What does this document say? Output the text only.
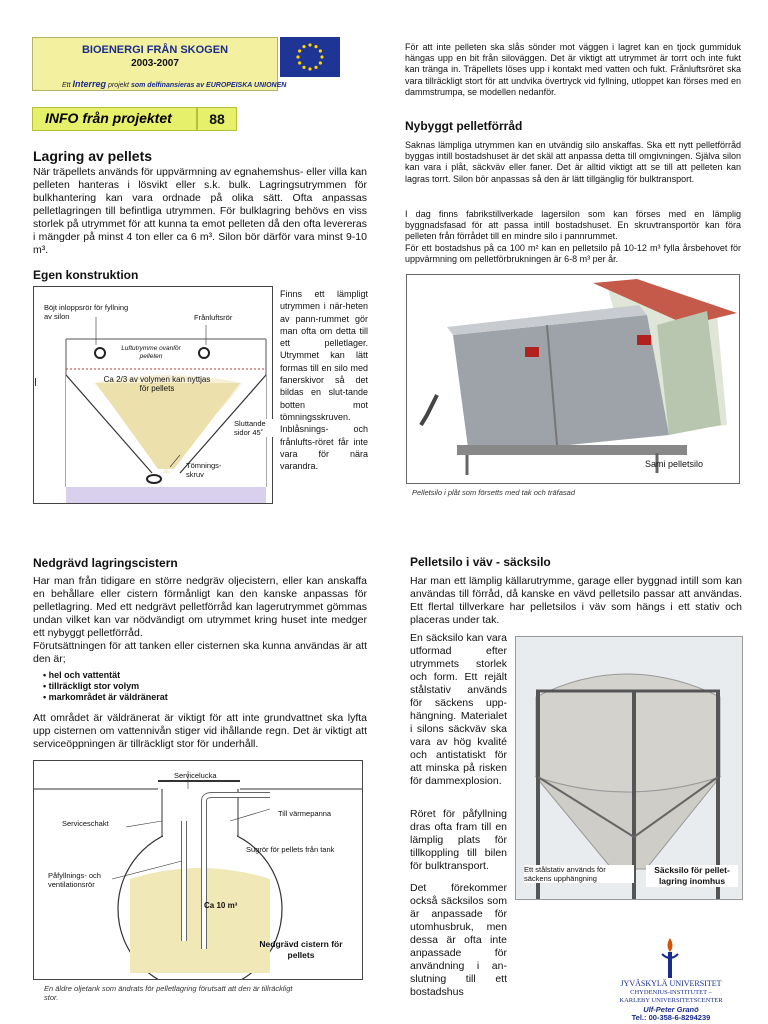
BIOENERGI FRÅN SKOGEN
2003-2007
Ett Interreg projekt som delfinansieras av EUROPEISKA UNIONEN
INFO från projektet	88
Lagring av pellets
När träpellets används för uppvärmning av egnahemshus- eller villa kan pelleten hanteras i lösvikt eller s.k. bulk. Lagringsutrymmen för bulkhantering kan vara ordnade på olika sätt. Ofta anpassas pelletlagringen till befintliga utrymmen. För bulklagring behövs en viss storlek på utrymmet för att kunna ta emot pelleten då den ofta levereras i mängder på minst 4 ton eller ca 6 m³. Silon bör därför vara minst 9-10 m³.
Egen konstruktion
Böjt inloppsrör för fyllning av silon	Frånluftsrör
Luftutrymme ovanför pelleten
Ca 2/3 av volymen kan nyttjas för pellets
Sluttande sidor 45˚
Tömnings-skruv
Finns ett lämpligt utrymmen i när-heten av pann-rummet gör man ofta om detta till ett pelletlager. Utrymmet kan lätt formas till en silo med fanerskivor så det bildas en slut-tande botten mot tömningsskruven. Inblåsnings- och frånlufts-röret får inte vara för nära varandra.
Nedgrävd lagringscistern
Har man från tidigare en större nedgräv oljecistern, eller kan anskaffa en behållare eller cistern förmånligt kan den kanske anpassas för pelletlagring. Med ett nedgrävt pelletförråd kan lagerutrymmet gömmas undan vilket kan var nödvändigt om utrymmet kring huset inte medger ett nybyggt pelletförråd.
Förutsättningen för att tanken eller cisternen ska kunna användas är att den är;
• hel och vattentät
• tillräckligt stor volym
• markområdet är väldränerat
Att området är väldränerat är viktigt för att inte grundvattnet ska lyfta upp cisternen om vattennivån stiger vid ihållande regn. Det är viktigt att serviceöppningen är tillräckligt stor för underhåll.
Servicelucka
Till värmepanna
Serviceschakt
Sugrör för pellets från tank
Påfyllnings- och ventilationsrör
Ca 10 m³
Nedgrävd cistern för pellets
En äldre oljetank som ändrats för pelletlagring förutsatt att den är tillräckligt stor.
För att inte pelleten ska slås sönder mot väggen i lagret kan en tjock gummiduk hängas upp en bit från siloväggen. Det är viktigt att utrymmet är torrt och inte fukt kan tränga in. Träpellets löses upp i kontakt med vatten och fukt. Frånluftsröret ska vara tillräckligt stort för att undvika övertryck vid fyllning, utloppet kan förses med en dammstrumpa, se modellen nedanför.
Nybyggt pelletförråd
Saknas lämpliga utrymmen kan en utvändig silo anskaffas. Ska ett nytt pelletförråd byggas intill bostadshuset är det skäl att anpassa detta till omgivningen. Själva silon kan vara i plåt, säckväv eller faner. Det är alltid viktigt att se till att pelleten kan lagras torrt. Silon bör anpassas så den är lätt tillgänglig för bulktransport.
I dag finns fabrikstillverkade lagersilon som kan förses med en lämplig byggnadsfasad för att passa intill bostadshuset. En skruvtransportör kan föra pelleten från förrådet till en mindre silo i pannrummet.
För ett bostadshus på ca 100 m² kan en pelletsilo på 10-12 m³ fylla årsbehovet för uppvärmning om pelletförbrukningen är 6-8 m³ per år.
Sami pelletsilo
Pelletsilo i plåt som försetts med tak och träfasad
Pelletsilo i väv - säcksilo
Har man ett lämplig källarutrymme, garage eller byggnad intill som kan användas till förråd, då kanske en vävd pelletsilo passar att användas. Ett flertal tillverkare har pelletsilos i väv som hängs i ett stativ och placeras under tak.
En säcksilo kan vara utformad efter utrymmets storlek och form. Ett rejält stålstativ används för säckens upp-hängning. Materialet i silons säckväv ska vara av hög kvalité och antistatiskt för att minska på risken för dammexplosion.
Röret för påfyllning dras ofta fram till en lämplig plats för tillkoppling till bilen för bulktransport.
Det förekommer också säcksilos som är anpassade för utomhusbruk, men dessa är ofta inte anpassade för användning i an-slutning till ett bostadshus
Ett stålstativ används för säckens upphängning
Säcksilo för pellet-lagring inomhus
JYVÄSKYLÄ UNIVERSITET
CHYDENIUS-INSTITUTET –
KARLEBY UNIVERSITETSCENTER
Ulf-Peter Granö
Tel.: 00-358-6-8294239
